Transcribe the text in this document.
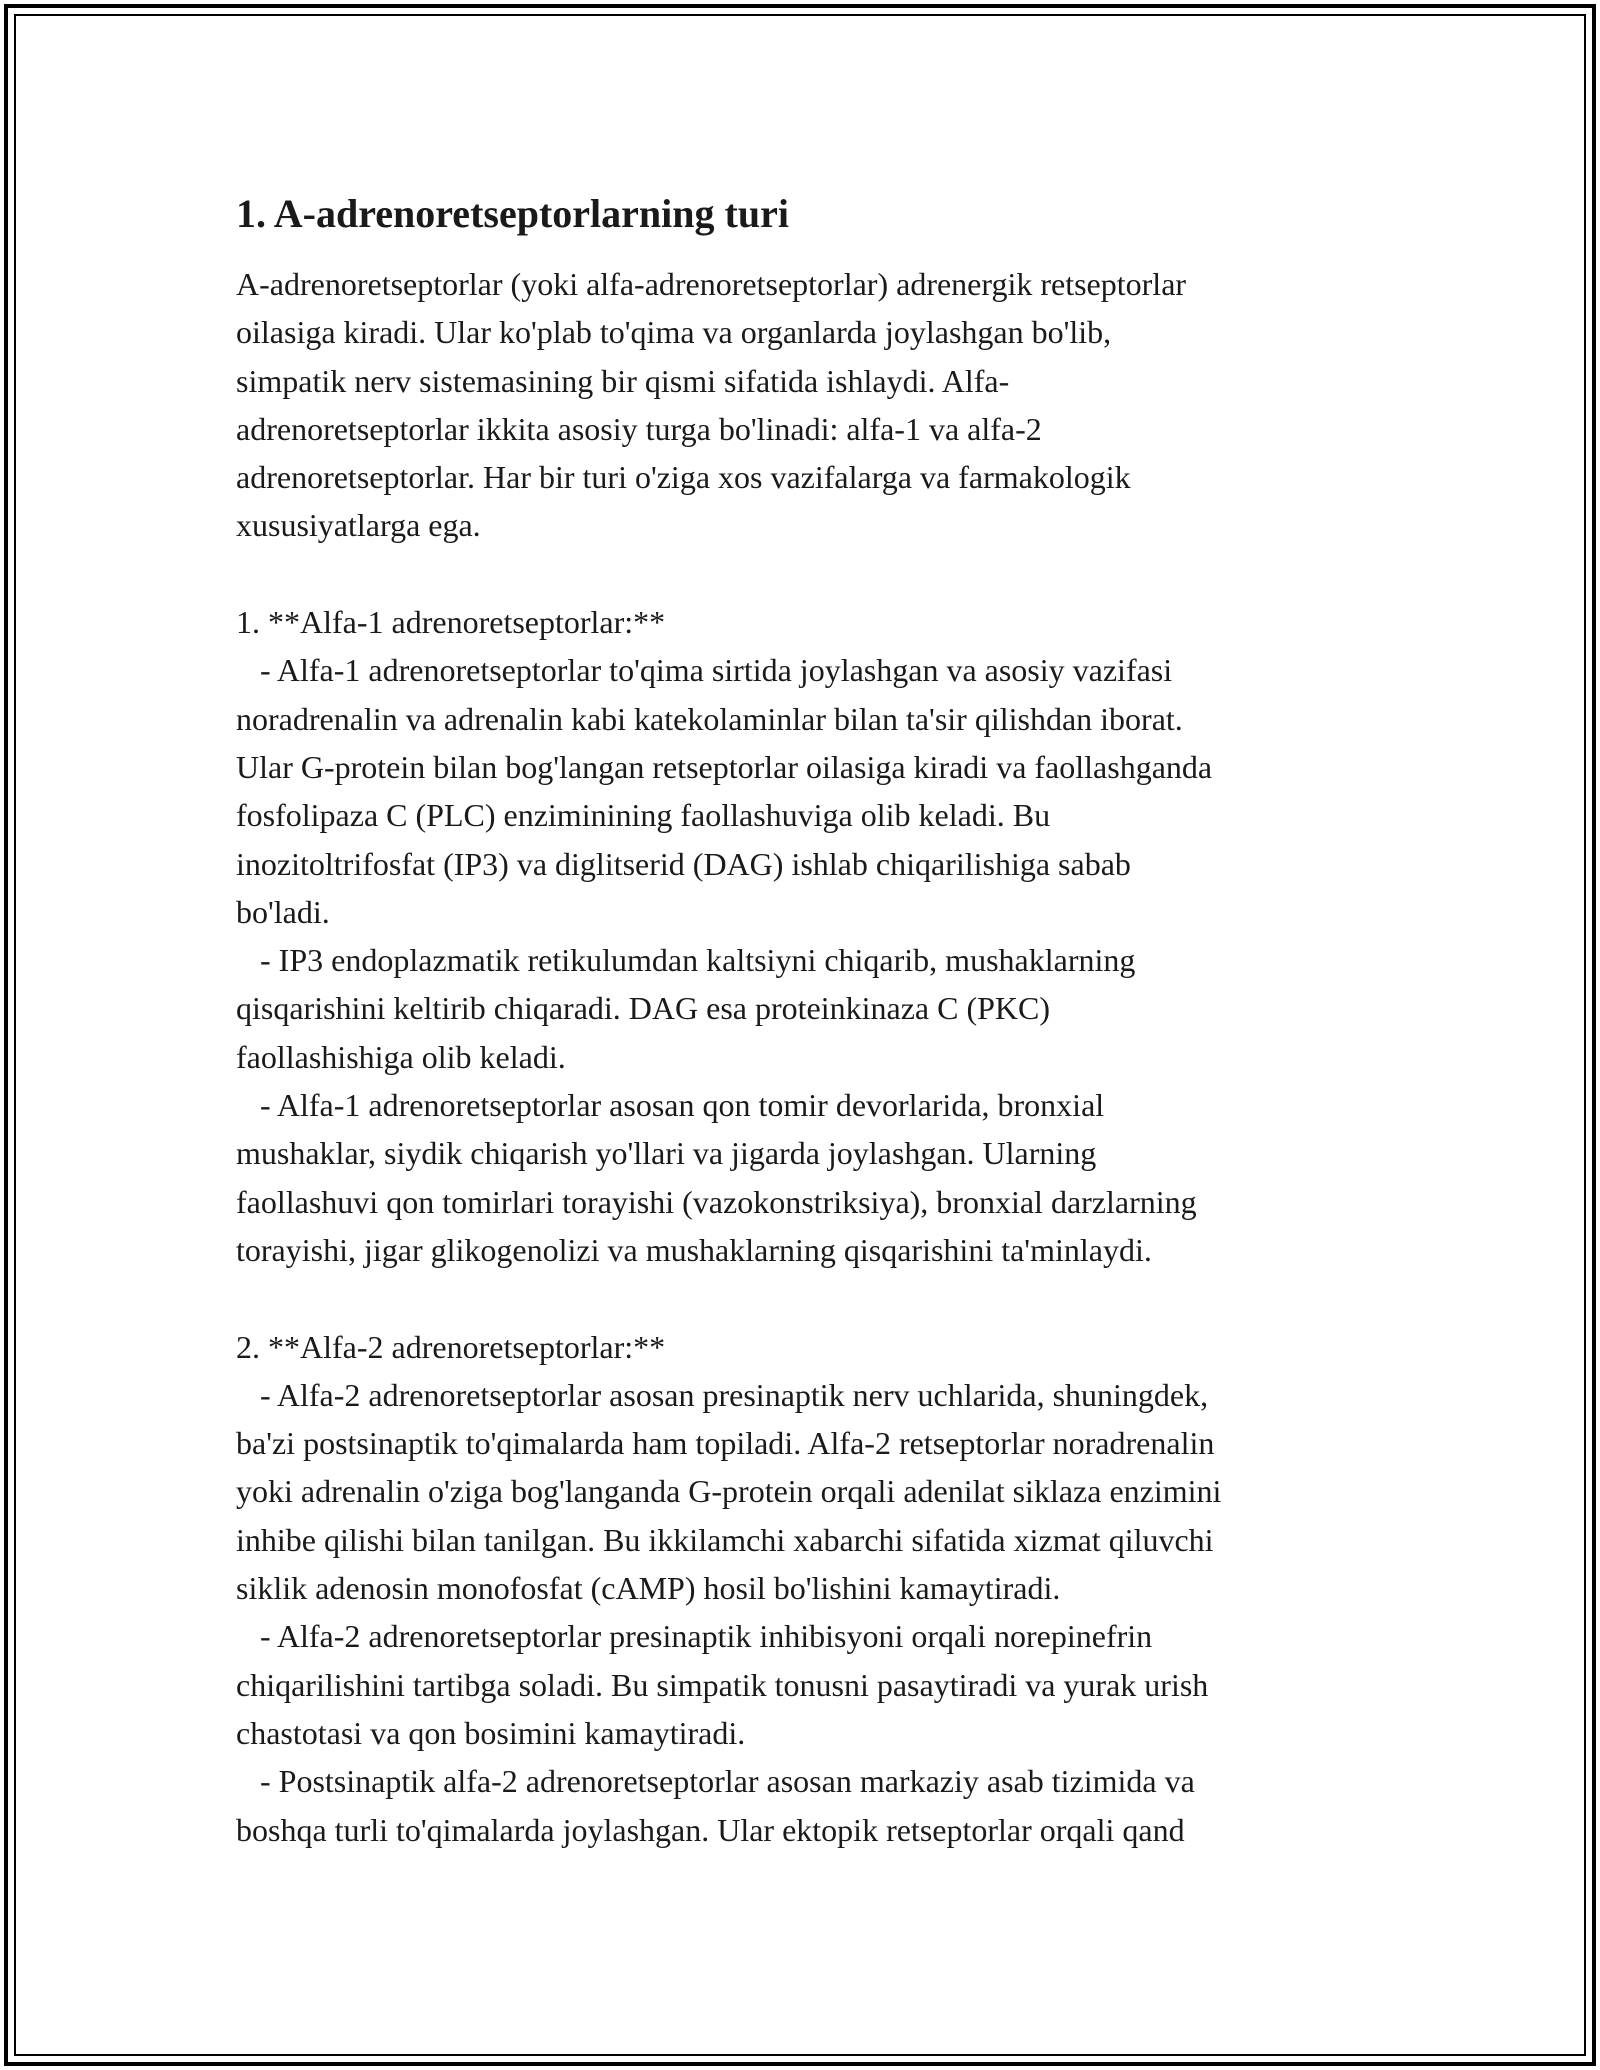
1. A-adrenoretseptorlarning turi
A-adrenoretseptorlar (yoki alfa-adrenoretseptorlar) adrenergik retseptorlar
oilasiga kiradi. Ular ko'plab to'qima va organlarda joylashgan bo'lib,
simpatik nerv sistemasining bir qismi sifatida ishlaydi. Alfa-
adrenoretseptorlar ikkita asosiy turga bo'linadi: alfa-1 va alfa-2
adrenoretseptorlar. Har bir turi o'ziga xos vazifalarga va farmakologik
xususiyatlarga ega.
1. **Alfa-1 adrenoretseptorlar:**
- Alfa-1 adrenoretseptorlar to'qima sirtida joylashgan va asosiy vazifasi
noradrenalin va adrenalin kabi katekolaminlar bilan ta'sir qilishdan iborat.
Ular G-protein bilan bog'langan retseptorlar oilasiga kiradi va faollashganda
fosfolipaza C (PLC) enziminining faollashuviga olib keladi. Bu
inozitoltrifosfat (IP3) va diglitserid (DAG) ishlab chiqarilishiga sabab
bo'ladi.
- IP3 endoplazmatik retikulumdan kaltsiyni chiqarib, mushaklarning
qisqarishini keltirib chiqaradi. DAG esa proteinkinaza C (PKC)
faollashishiga olib keladi.
- Alfa-1 adrenoretseptorlar asosan qon tomir devorlarida, bronxial
mushaklar, siydik chiqarish yo'llari va jigarda joylashgan. Ularning
faollashuvi qon tomirlari torayishi (vazokonstriksiya), bronxial darzlarning
torayishi, jigar glikogenolizi va mushaklarning qisqarishini ta'minlaydi.
2. **Alfa-2 adrenoretseptorlar:**
- Alfa-2 adrenoretseptorlar asosan presinaptik nerv uchlarida, shuningdek,
ba'zi postsinaptik to'qimalarda ham topiladi. Alfa-2 retseptorlar noradrenalin
yoki adrenalin o'ziga bog'langanda G-protein orqali adenilat siklaza enzimini
inhibe qilishi bilan tanilgan. Bu ikkilamchi xabarchi sifatida xizmat qiluvchi
siklik adenosin monofosfat (cAMP) hosil bo'lishini kamaytiradi.
- Alfa-2 adrenoretseptorlar presinaptik inhibisyoni orqali norepinefrin
chiqarilishini tartibga soladi. Bu simpatik tonusni pasaytiradi va yurak urish
chastotasi va qon bosimini kamaytiradi.
- Postsinaptik alfa-2 adrenoretseptorlar asosan markaziy asab tizimida va
boshqa turli to'qimalarda joylashgan. Ular ektopik retseptorlar orqali qand
